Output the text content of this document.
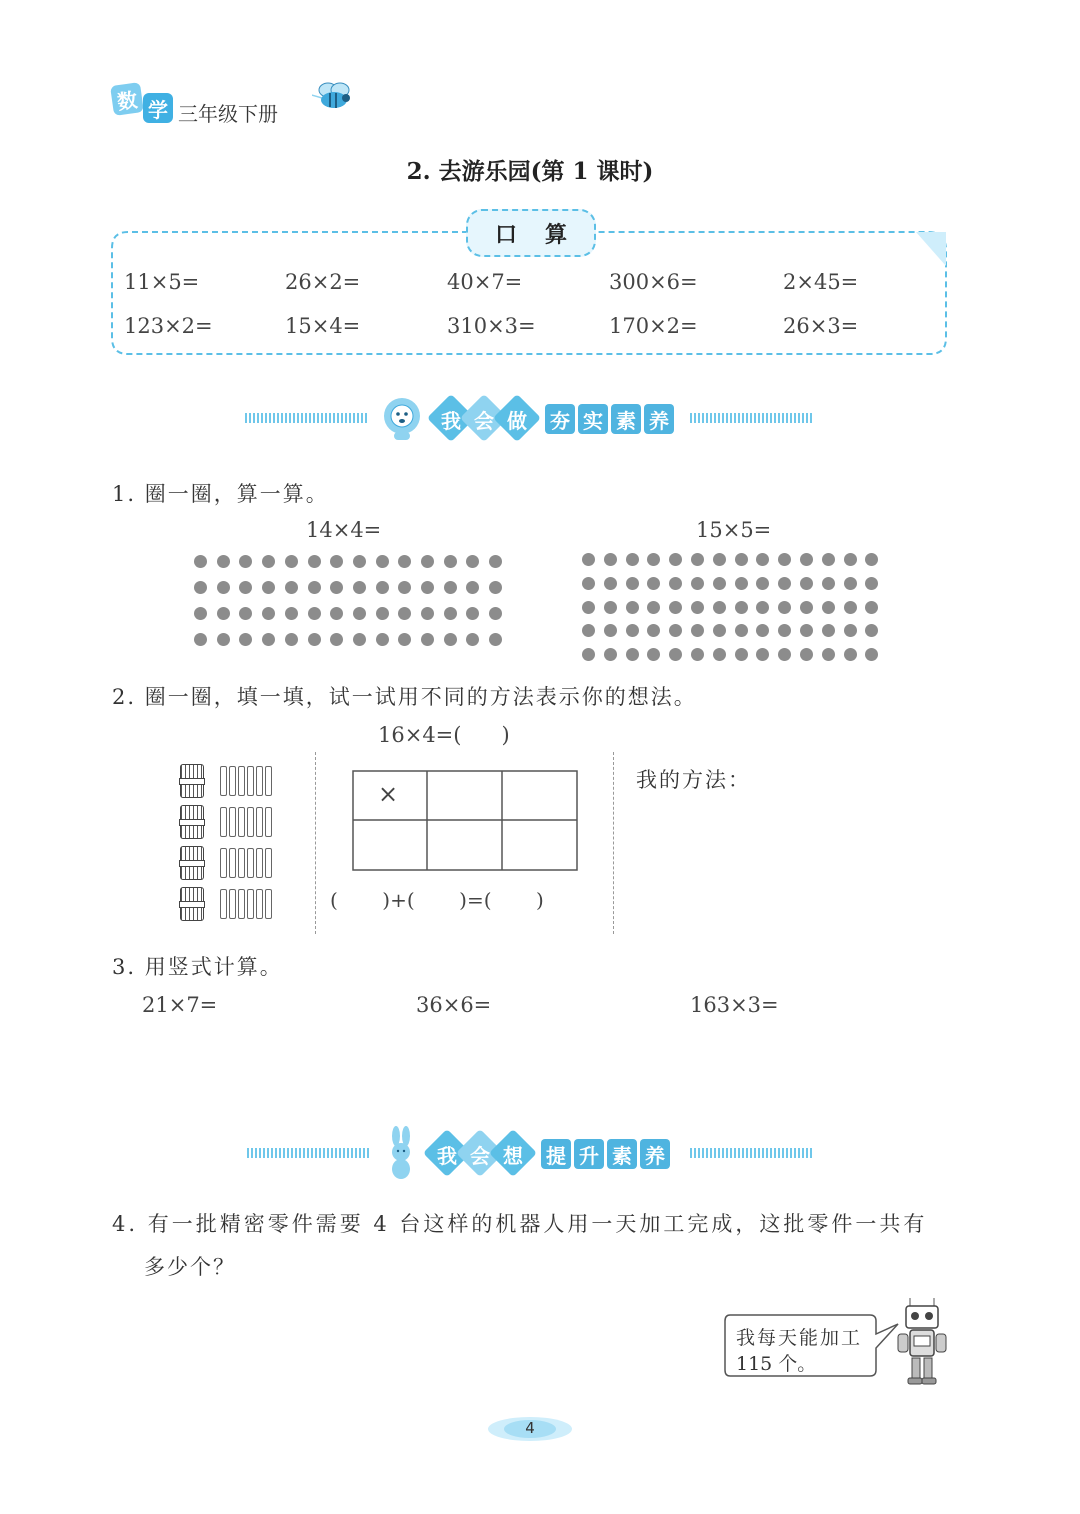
数 学 三年级下册
2. 去游乐园(第 1 课时)
口算
11×5=	26×2=	40×7=	300×6=	2×45=
123×2=	15×4=	310×3=	170×2=	26×3=
我 会 做	夯 实 素 养
1. 圈一圈，算一算。
14×4=	15×5=
2. 圈一圈，填一填，试一试用不同的方法表示你的想法。
16×4=(      )
×
(       )+(       )=(       )
我的方法：
3. 用竖式计算。
21×7=	36×6=	163×3=
我 会 想	提 升 素 养
4. 有一批精密零件需要 4 台这样的机器人用一天加工完成，这批零件一共有
多少个？
我每天能加工
115 个。
4
